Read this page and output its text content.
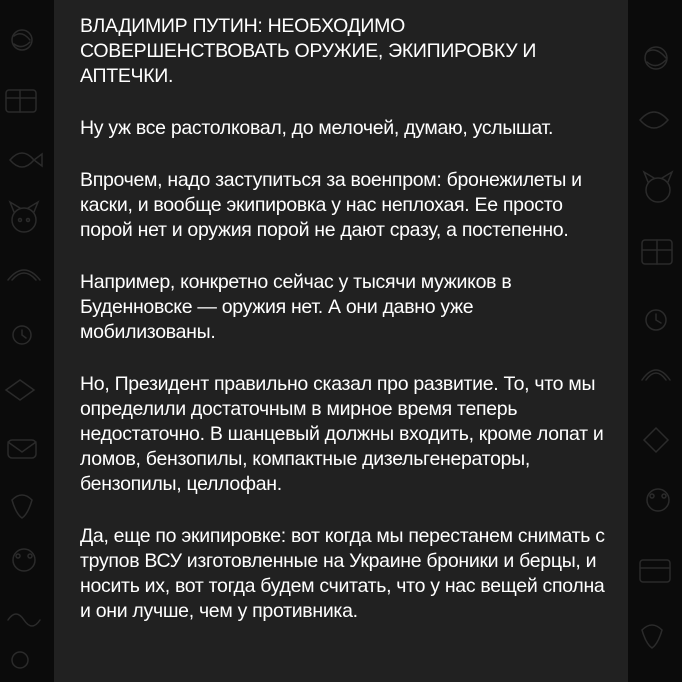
ВЛАДИМИР ПУТИН: НЕОБХОДИМО СОВЕРШЕНСТВОВАТЬ ОРУЖИЕ, ЭКИПИРОВКУ И АПТЕЧКИ.

Ну уж все растолковал, до мелочей, думаю, услышат.

Впрочем, надо заступиться за военпром: бронежилеты и каски, и вообще экипировка у нас неплохая. Ее просто порой нет и оружия порой не дают сразу, а постепенно.

Например, конкретно сейчас у тысячи мужиков в Буденновске — оружия нет. А они давно уже мобилизованы.

Но, Президент правильно сказал про развитие. То, что мы определили достаточным в мирное время теперь недостаточно. В шанцевый должны входить, кроме лопат и ломов, бензопилы, компактные дизельгенераторы, бензопилы, целлофан.

Да, еще по экипировке: вот когда мы перестанем снимать с трупов ВСУ изготовленные на Украине броники и берцы, и носить их, вот тогда будем считать, что у нас вещей сполна и они лучше, чем у противника.
